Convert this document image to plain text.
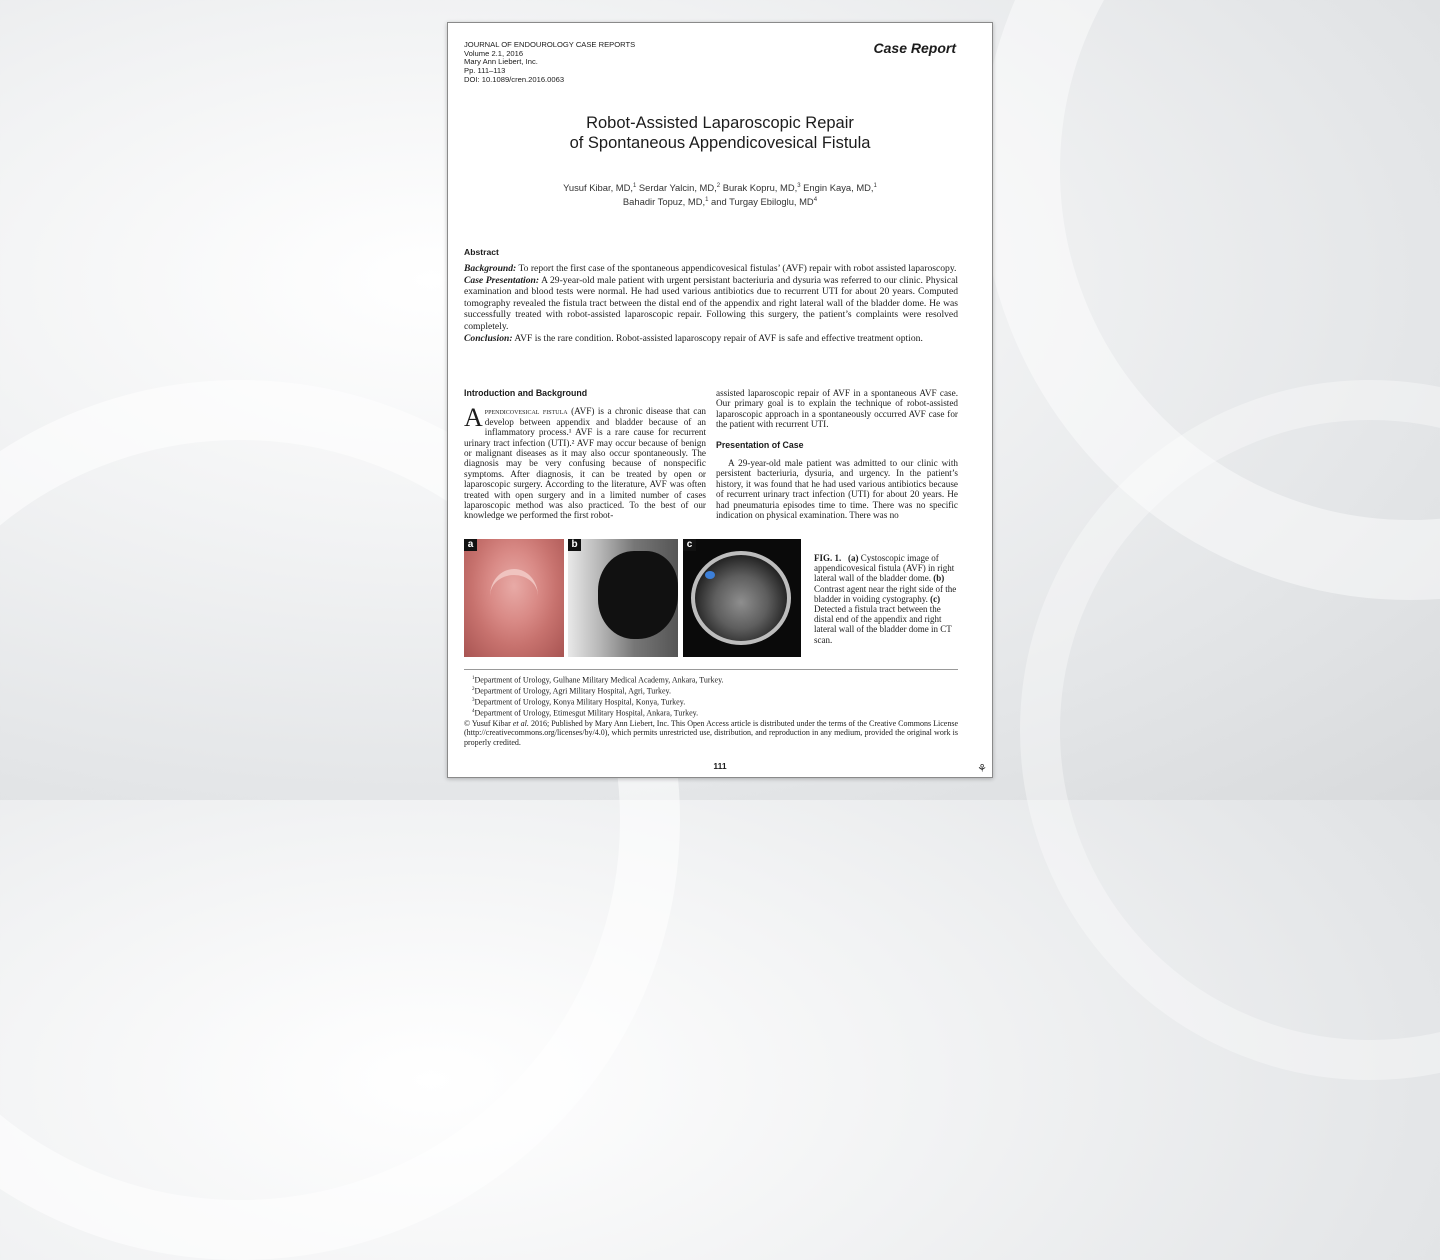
JOURNAL OF ENDOUROLOGY CASE REPORTS
Volume 2.1, 2016
Mary Ann Liebert, Inc.
Pp. 111–113
DOI: 10.1089/cren.2016.0063
Case Report
Robot-Assisted Laparoscopic Repair
of Spontaneous Appendicovesical Fistula
Yusuf Kibar, MD,$^1$ Serdar Yalcin, MD,$^2$ Burak Kopru, MD,$^3$ Engin Kaya, MD,$^1$
Bahadir Topuz, MD,$^1$ and Turgay Ebiloglu, $MD^4$
Abstract

Background: To report the first case of the spontaneous appendicovesical fistulas’ (AVF) repair with robot assisted laparoscopy.

Case Presentation: A 29-year-old male patient with urgent persistant bacteriuria and dysuria was referred to our clinic. Physical examination and blood tests were normal. He had used various antibiotics due to recurrent UTI for about 20 years. Computed tomography revealed the fistula tract between the distal end of the appendix and right lateral wall of the bladder dome. He was successfully treated with robot-assisted laparoscopic repair. Following this surgery, the patient’s complaints were resolved completely.

Conclusion: AVF is the rare condition. Robot-assisted laparoscopy repair of AVF is safe and effective treatment option.

Introduction and Background

Appendicovesical fistula (AVF) is a chronic disease that can develop between appendix and bladder because of an inflammatory process.¹ AVF is a rare cause for recurrent urinary tract infection (UTI).² AVF may occur because of benign or malignant diseases as it may also occur spontaneously. The diagnosis may be very confusing because of nonspecific symptoms. After diagnosis, it can be treated by open or laparoscopic surgery. According to the literature, AVF was often treated with open surgery and in a limited number of cases laparoscopic method was also practiced. To the best of our knowledge we performed the first robot-

assisted laparoscopic repair of AVF in a spontaneous AVF case. Our primary goal is to explain the technique of robot-assisted laparoscopic approach in a spontaneously occurred AVF case for the patient with recurrent UTI.

Presentation of Case

A 29-year-old male patient was admitted to our clinic with persistent bacteriuria, dysuria, and urgency. In the patient’s history, it was found that he had used various antibiotics because of recurrent urinary tract infection (UTI) for about 20 years. He had pneumaturia episodes time to time. There was no specific indication on physical examination. There was no

a	b	c
FIG. 1. (a) Cystoscopic image of appendicovesical fistula (AVF) in right lateral wall of the bladder dome. (b) Contrast agent near the right side of the bladder in voiding cystography. (c) Detected a fistula tract between the distal end of the appendix and right lateral wall of the bladder dome in CT scan.
$^1$Department of Urology, Gulhane Military Medical Academy, Ankara, Turkey.
$^2$Department of Urology, Agri Military Hospital, Agri, Turkey.
$^3$Department of Urology, Konya Military Hospital, Konya, Turkey.
$^4$Department of Urology, Etimesgut Military Hospital, Ankara, Turkey.
© Yusuf Kibar et al. 2016; Published by Mary Ann Liebert, Inc. This Open Access article is distributed under the terms of the Creative Commons License (http://creativecommons.org/licenses/by/4.0), which permits unrestricted use, distribution, and reproduction in any medium, provided the original work is properly credited.
111	⚘
